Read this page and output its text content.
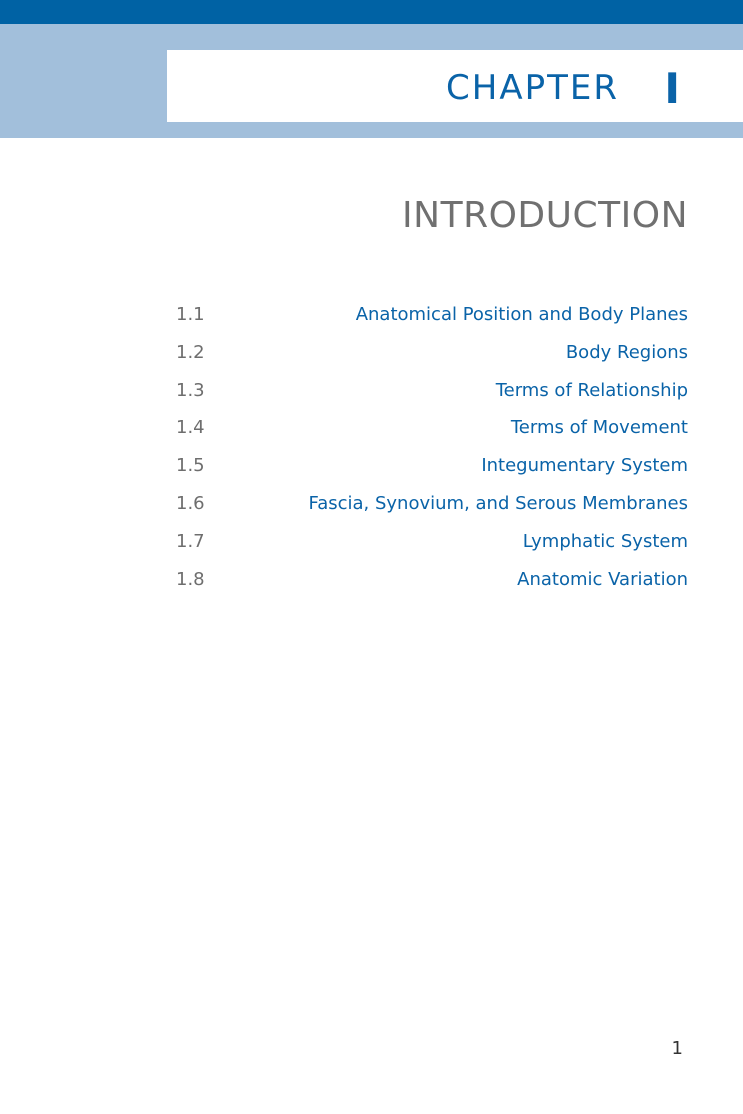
CHAPTER I
INTRODUCTION
1.1	Anatomical Position and Body Planes
1.2	Body Regions
1.3	Terms of Relationship
1.4	Terms of Movement
1.5	Integumentary System
1.6	Fascia, Synovium, and Serous Membranes
1.7	Lymphatic System
1.8	Anatomic Variation
1
